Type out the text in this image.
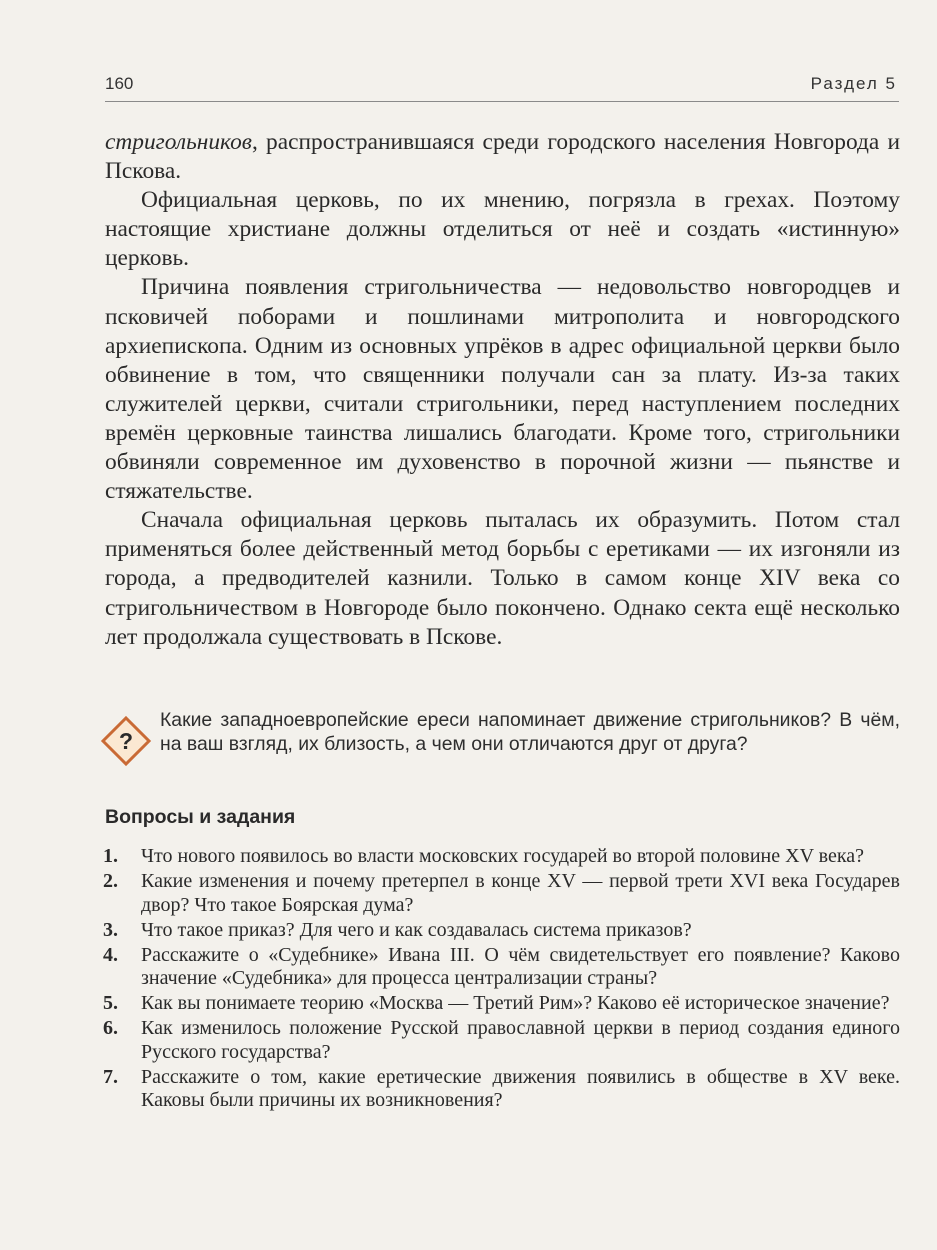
160	Раздел 5

стригольников, распространившаяся среди городского населения Новгорода и Пскова.

Официальная церковь, по их мнению, погрязла в грехах. Поэтому настоящие христиане должны отделиться от неё и создать «истинную» церковь.

Причина появления стригольничества — недовольство новгородцев и псковичей поборами и пошлинами митрополита и новгородского архиепископа. Одним из основных упрёков в адрес официальной церкви было обвинение в том, что священники получали сан за плату. Из-за таких служителей церкви, считали стригольники, перед наступлением последних времён церковные таинства лишались благодати. Кроме того, стригольники обвиняли современное им духовенство в порочной жизни — пьянстве и стяжательстве.

Сначала официальная церковь пыталась их образумить. Потом стал применяться более действенный метод борьбы с еретиками — их изгоняли из города, а предводителей казнили. Только в самом конце XIV века со стригольничеством в Новгороде было покончено. Однако секта ещё несколько лет продолжала существовать в Пскове.

?
Какие западноевропейские ереси напоминает движение стригольников? В чём, на ваш взгляд, их близость, а чем они отличаются друг от друга?
Вопросы и задания
1. Что нового появилось во власти московских государей во второй половине XV века?
2. Какие изменения и почему претерпел в конце XV — первой трети XVI века Государев двор? Что такое Боярская дума?
3. Что такое приказ? Для чего и как создавалась система приказов?
4. Расскажите о «Судебнике» Ивана III. О чём свидетельствует его появление? Каково значение «Судебника» для процесса централизации страны?
5. Как вы понимаете теорию «Москва — Третий Рим»? Каково её историческое значение?
6. Как изменилось положение Русской православной церкви в период создания единого Русского государства?
7. Расскажите о том, какие еретические движения появились в обществе в XV веке. Каковы были причины их возникновения?
